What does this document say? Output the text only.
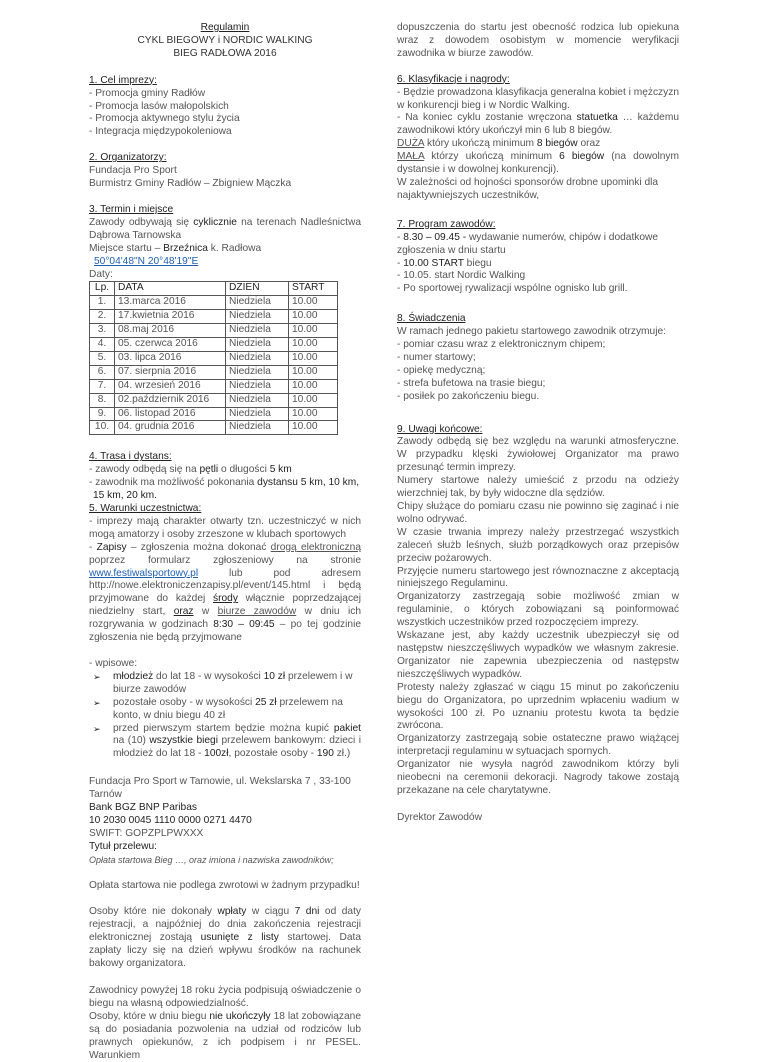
Regulamin
CYKL BIEGOWY i NORDIC WALKING
BIEG RADŁOWA 2016
1. Cel imprezy:
- Promocja gminy Radłów
- Promocja lasów małopolskich
- Promocja aktywnego stylu życia
- Integracja międzypokoleniowa
2. Organizatorzy:
Fundacja Pro Sport
Burmistrz Gminy Radłów – Zbigniew Mączka
3. Termin i miejsce

Zawody odbywają się cyklicznie na terenach Nadleśnictwa Dąbrowa Tarnowska

Miejsce startu – Brzeźnica k. Radłowa

50°04'48"N 20°48'19"E
Daty:
Lp.	DATA	DZIEŃ	START
1.	13.marca 2016	Niedziela	10.00
2.	17.kwietnia 2016	Niedziela	10.00
3.	08.maj 2016	Niedziela	10.00
4.	05. czerwca 2016	Niedziela	10.00
5.	03. lipca 2016	Niedziela	10.00
6.	07. sierpnia 2016	Niedziela	10.00
7.	04. wrzesień 2016	Niedziela	10.00
8.	02.październik 2016	Niedziela	10.00
9.	06. listopad 2016	Niedziela	10.00
10.	04. grudnia 2016	Niedziela	10.00
4. Trasa i dystans:

- zawody odbędą się na pętli o długości 5 km

- zawodnik ma możliwość pokonania dystansu 5 km, 10 km,

15 km, 20 km.

5. Warunki uczestnictwa:

- imprezy mają charakter otwarty tzn. uczestniczyć w nich mogą amatorzy i osoby zrzeszone w klubach sportowych

- Zapisy – zgłoszenia można dokonać drogą elektroniczną poprzez formularz zgłoszeniowy na stronie www.festiwalsportowy.pl lub pod adresem http://nowe.elektroniczenzapisy.pl/event/145.html i będą przyjmowane do każdej środy włącznie poprzedzającej niedzielny start, oraz w biurze zawodów w dniu ich rozgrywania w godzinach 8:30 – 09:45 – po tej godzinie zgłoszenia nie będą przyjmowane

- wpisowe:
➢	młodzież do lat 18 - w wysokości 10 zł przelewem i w biurze zawodów
➢	pozostałe osoby - w wysokości 25 zł przelewem na konto, w dniu biegu 40 zł
➢	przed pierwszym startem będzie można kupić pakiet na (10) wszystkie biegi przelewem bankowym: dzieci i młodzież do lat 18 - 100zł, pozostałe osoby - 190 zł.)

Fundacja Pro Sport w Tarnowie, ul. Wekslarska 7 , 33-100 Tarnów

Bank BGZ BNP Paribas

10 2030 0045 1110 0000 0271 4470

SWIFT: GOPZPLPWXXX

Tytuł przelewu:

Opłata startowa Bieg …, oraz imiona i nazwiska zawodników;

Opłata startowa nie podlega zwrotowi w żadnym przypadku!

Osoby które nie dokonały wpłaty w ciągu 7 dni od daty rejestracji, a najpóźniej do dnia zakończenia rejestracji elektronicznej zostają usunięte z listy startowej. Data zapłaty liczy się na dzień wpływu środków na rachunek bakowy organizatora.

Zawodnicy powyżej 18 roku życia podpisują oświadczenie o biegu na własną odpowiedzialność.

Osoby, które w dniu biegu nie ukończyły 18 lat zobowiązane są do posiadania pozwolenia na udział od rodziców lub prawnych opiekunów, z ich podpisem i nr PESEL. Warunkiem

dopuszczenia do startu jest obecność rodzica lub opiekuna wraz z dowodem osobistym w momencie weryfikacji zawodnika w biurze zawodów.

6. Klasyfikacje i nagrody:

- Będzie prowadzona klasyfikacja generalna kobiet i mężczyzn w konkurencji bieg i w Nordic Walking.

- Na koniec cyklu zostanie wręczona statuetka … każdemu zawodnikowi który ukończył min 6 lub 8 biegów.

DUŻA który ukończą minimum 8 biegów oraz

MAŁA którzy ukończą minimum 6 biegów (na dowolnym dystansie i w dowolnej konkurencji).

W zależności od hojności sponsorów drobne upominki dla najaktywniejszych uczestników,

7. Program zawodów:

- 8.30 – 09.45 - wydawanie numerów, chipów i dodatkowe zgłoszenia w dniu startu

- 10.00 START biegu

- 10.05. start Nordic Walking

- Po sportowej rywalizacji wspólne ognisko lub grill.

8. Świadczenia

W ramach jednego pakietu startowego zawodnik otrzymuje:

- pomiar czasu wraz z elektronicznym chipem;

- numer startowy;

- opiekę medyczną;

- strefa bufetowa na trasie biegu;

- posiłek po zakończeniu biegu.

9. Uwagi końcowe:

Zawody odbędą się bez względu na warunki atmosferyczne. W przypadku klęski żywiołowej Organizator ma prawo przesunąć termin imprezy.

Numery startowe należy umieścić z przodu na odzieży wierzchniej tak, by były widoczne dla sędziów.

Chipy służące do pomiaru czasu nie powinno się zaginać i nie wolno odrywać.

W czasie trwania imprezy należy przestrzegać wszystkich zaleceń służb leśnych, służb porządkowych oraz przepisów przeciw pożarowych.

Przyjęcie numeru startowego jest równoznaczne z akceptacją niniejszego Regulaminu.

Organizatorzy zastrzegają sobie możliwość zmian w regulaminie, o których zobowiązani są poinformować wszystkich uczestników przed rozpoczęciem imprezy.

Wskazane jest, aby każdy uczestnik ubezpieczył się od następstw nieszczęśliwych wypadków we własnym zakresie. Organizator nie zapewnia ubezpieczenia od następstw nieszczęśliwych wypadków.

Protesty należy zgłaszać w ciągu 15 minut po zakończeniu biegu do Organizatora, po uprzednim wpłaceniu wadium w wysokości 100 zł. Po uznaniu protestu kwota ta będzie zwrócona.

Organizatorzy zastrzegają sobie ostateczne prawo wiążącej interpretacji regulaminu w sytuacjach spornych.

Organizator nie wysyła nagród zawodnikom którzy byli nieobecni na ceremonii dekoracji. Nagrody takowe zostają przekazane na cele charytatywne.

Dyrektor Zawodów
